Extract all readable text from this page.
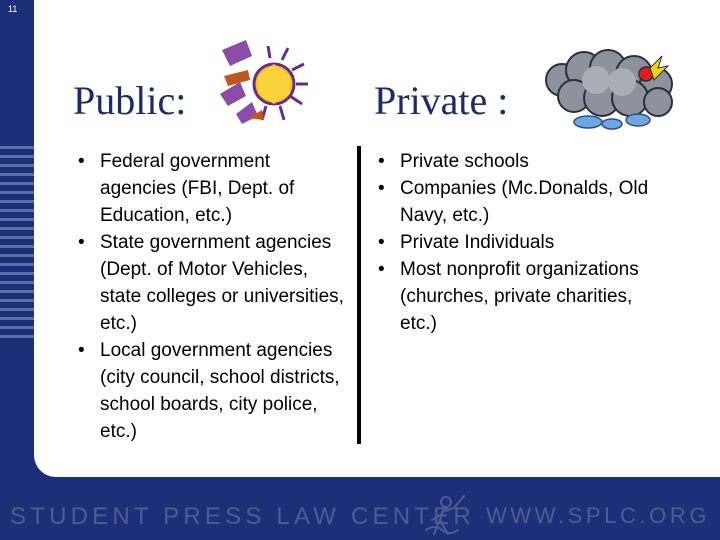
11
Public:
• Federal government agencies (FBI, Dept. of Education, etc.)
• State government agencies (Dept. of Motor Vehicles, state colleges or universities, etc.)
• Local government agencies (city council, school districts, school boards, city police, etc.)
Private :
• Private schools
• Companies (Mc.Donalds, Old Navy, etc.)
• Private Individuals
• Most nonprofit organizations (churches, private charities, etc.)
STUDENT PRESS LAW CENTER WWW.SPLC.ORG
